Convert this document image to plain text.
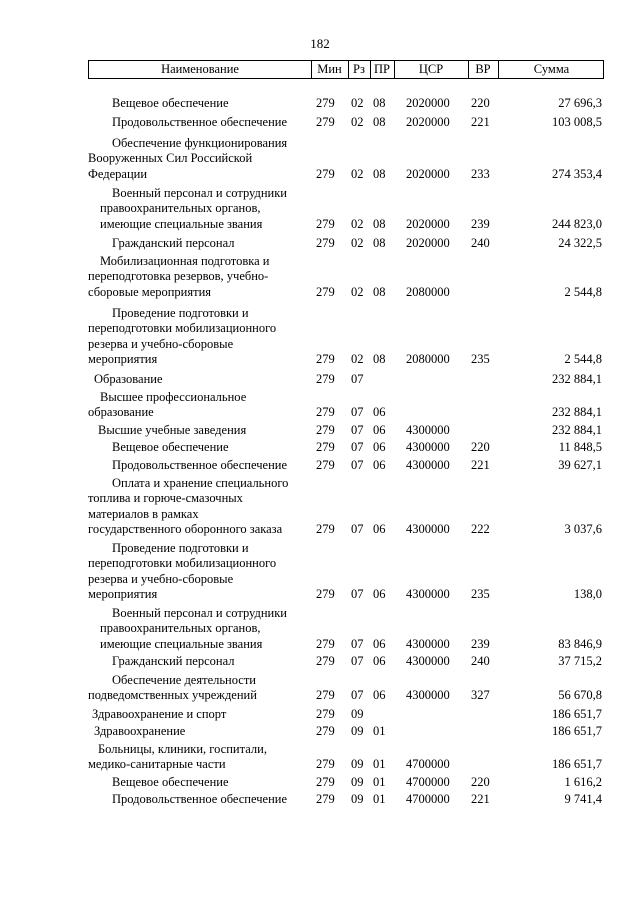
182
Наименование	Мин Рз ПР	ЦСР	ВР	Сумма
Вещевое обеспечение	279 02 08 2020000 220	27 696,3
Продовольственное обеспечение	279 02 08 2020000 221	103 008,5
Обеспечение функционирования
Вооруженных Сил Российской
Федерации	279 02 08 2020000 233	274 353,4
Военный персонал и сотрудники
правоохранительных органов,
имеющие специальные звания	279 02 08 2020000 239	244 823,0
Гражданский персонал	279 02 08 2020000 240	24 322,5
Мобилизационная подготовка и
переподготовка резервов, учебно-
сборовые мероприятия	279 02 08 2080000	2 544,8
Проведение подготовки и
переподготовки мобилизационного
резерва и учебно-сборовые
мероприятия	279 02 08 2080000 235	2 544,8
Образование	279 07	232 884,1
Высшее профессиональное
образование	279 07 06	232 884,1
Высшие учебные заведения	279 07 06 4300000	232 884,1
Вещевое обеспечение	279 07 06 4300000 220	11 848,5
Продовольственное обеспечение	279 07 06 4300000 221	39 627,1
Оплата и хранение специального
топлива и горюче-смазочных
материалов в рамках
государственного оборонного заказа	279 07 06 4300000 222	3 037,6
Проведение подготовки и
переподготовки мобилизационного
резерва и учебно-сборовые
мероприятия	279 07 06 4300000 235	138,0
Военный персонал и сотрудники
правоохранительных органов,
имеющие специальные звания	279 07 06 4300000 239	83 846,9
Гражданский персонал	279 07 06 4300000 240	37 715,2
Обеспечение деятельности
подведомственных учреждений	279 07 06 4300000 327	56 670,8
Здравоохранение и спорт	279 09	186 651,7
Здравоохранение	279 09 01	186 651,7
Больницы, клиники, госпитали,
медико-санитарные части	279 09 01 4700000	186 651,7
Вещевое обеспечение	279 09 01 4700000 220	1 616,2
Продовольственное обеспечение	279 09 01 4700000 221	9 741,4
